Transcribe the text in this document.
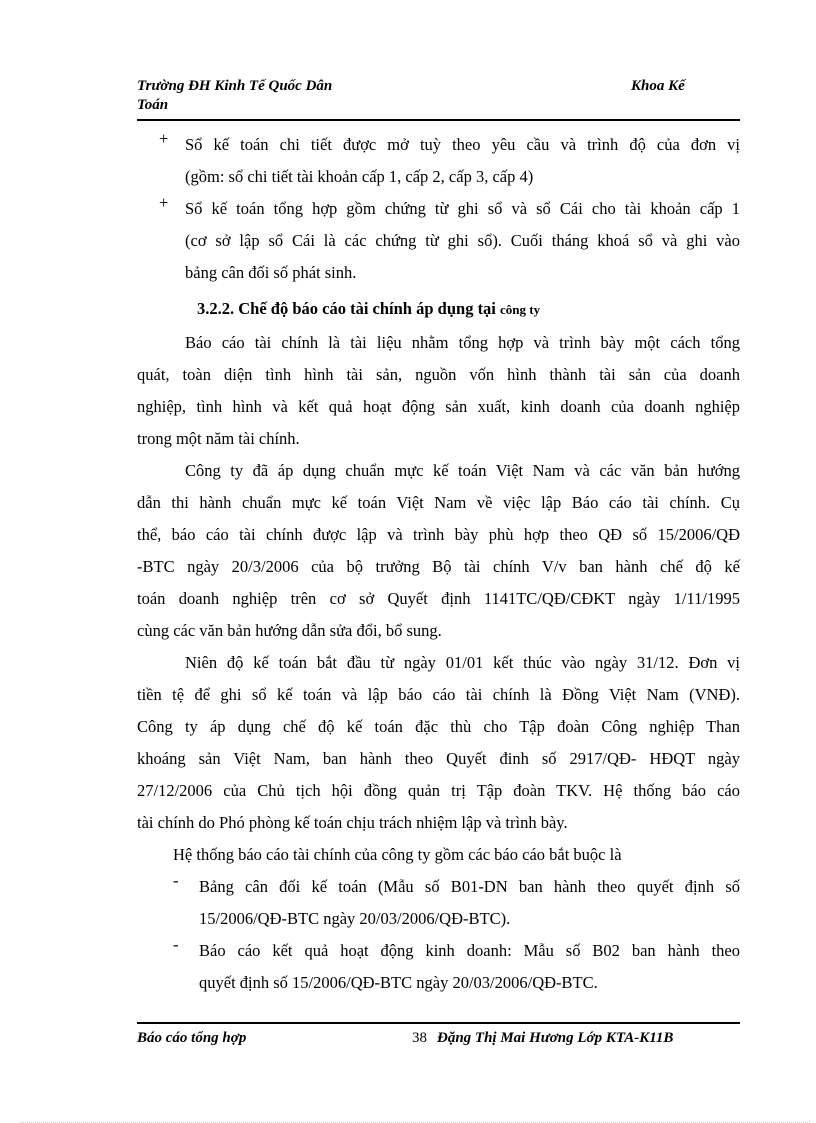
Trường ĐH Kinh Tế Quốc Dân	Khoa Kế
Toán
+ Sổ kế toán chi tiết được mở tuỳ theo yêu cầu và trình độ của đơn vị
(gồm: sổ chi tiết tài khoản cấp 1, cấp 2, cấp 3, cấp 4)
+ Sổ kế toán tổng hợp gồm chứng từ ghi sổ và sổ Cái cho tài khoản cấp 1
(cơ sở lập sổ Cái là các chứng từ ghi sổ). Cuối tháng khoá sổ và ghi vào
bảng cân đối số phát sinh.
3.2.2. Chế độ báo cáo tài chính áp dụng tại công ty
Báo cáo tài chính là tài liệu nhằm tổng hợp và trình bày một cách tổng
quát, toàn diện tình hình tài sản, nguồn vốn hình thành tài sản của doanh
nghiệp, tình hình và kết quả hoạt động sản xuất, kinh doanh của doanh nghiệp
trong một năm tài chính.
Công ty đã áp dụng chuẩn mực kế toán Việt Nam và các văn bản hướng
dẫn thi hành chuẩn mực kế toán Việt Nam về việc lập Báo cáo tài chính. Cụ
thể, báo cáo tài chính được lập và trình bày phù hợp theo QĐ số 15/2006/QĐ
-BTC ngày 20/3/2006 của bộ trưởng Bộ tài chính V/v ban hành chế độ kế
toán doanh nghiệp trên cơ sở Quyết định 1141TC/QĐ/CĐKT ngày 1/11/1995
cùng các văn bản hướng dẫn sửa đổi, bổ sung.
Niên độ kế toán bắt đầu từ ngày 01/01 kết thúc vào ngày 31/12. Đơn vị
tiền tệ để ghi sổ kế toán và lập báo cáo tài chính là Đồng Việt Nam (VNĐ).
Công ty áp dụng chế độ kế toán đặc thù cho Tập đoàn Công nghiệp Than
khoáng sản Việt Nam, ban hành theo Quyết đinh số 2917/QĐ- HĐQT ngày
27/12/2006 của Chủ tịch hội đồng quản trị Tập đoàn TKV. Hệ thống báo cáo
tài chính do Phó phòng kế toán chịu trách nhiệm lập và trình bày.
Hệ thống báo cáo tài chính của công ty gồm các báo cáo bắt buộc là
- Bảng cân đối kế toán (Mẫu số B01-DN ban hành theo quyết định số
15/2006/QĐ-BTC ngày 20/03/2006/QĐ-BTC).
- Báo cáo kết quả hoạt động kinh doanh: Mẫu số B02 ban hành theo
quyết định số 15/2006/QĐ-BTC ngày 20/03/2006/QĐ-BTC.
Báo cáo tổng hợp	38 Đặng Thị Mai Hương Lớp KTA-K11B
